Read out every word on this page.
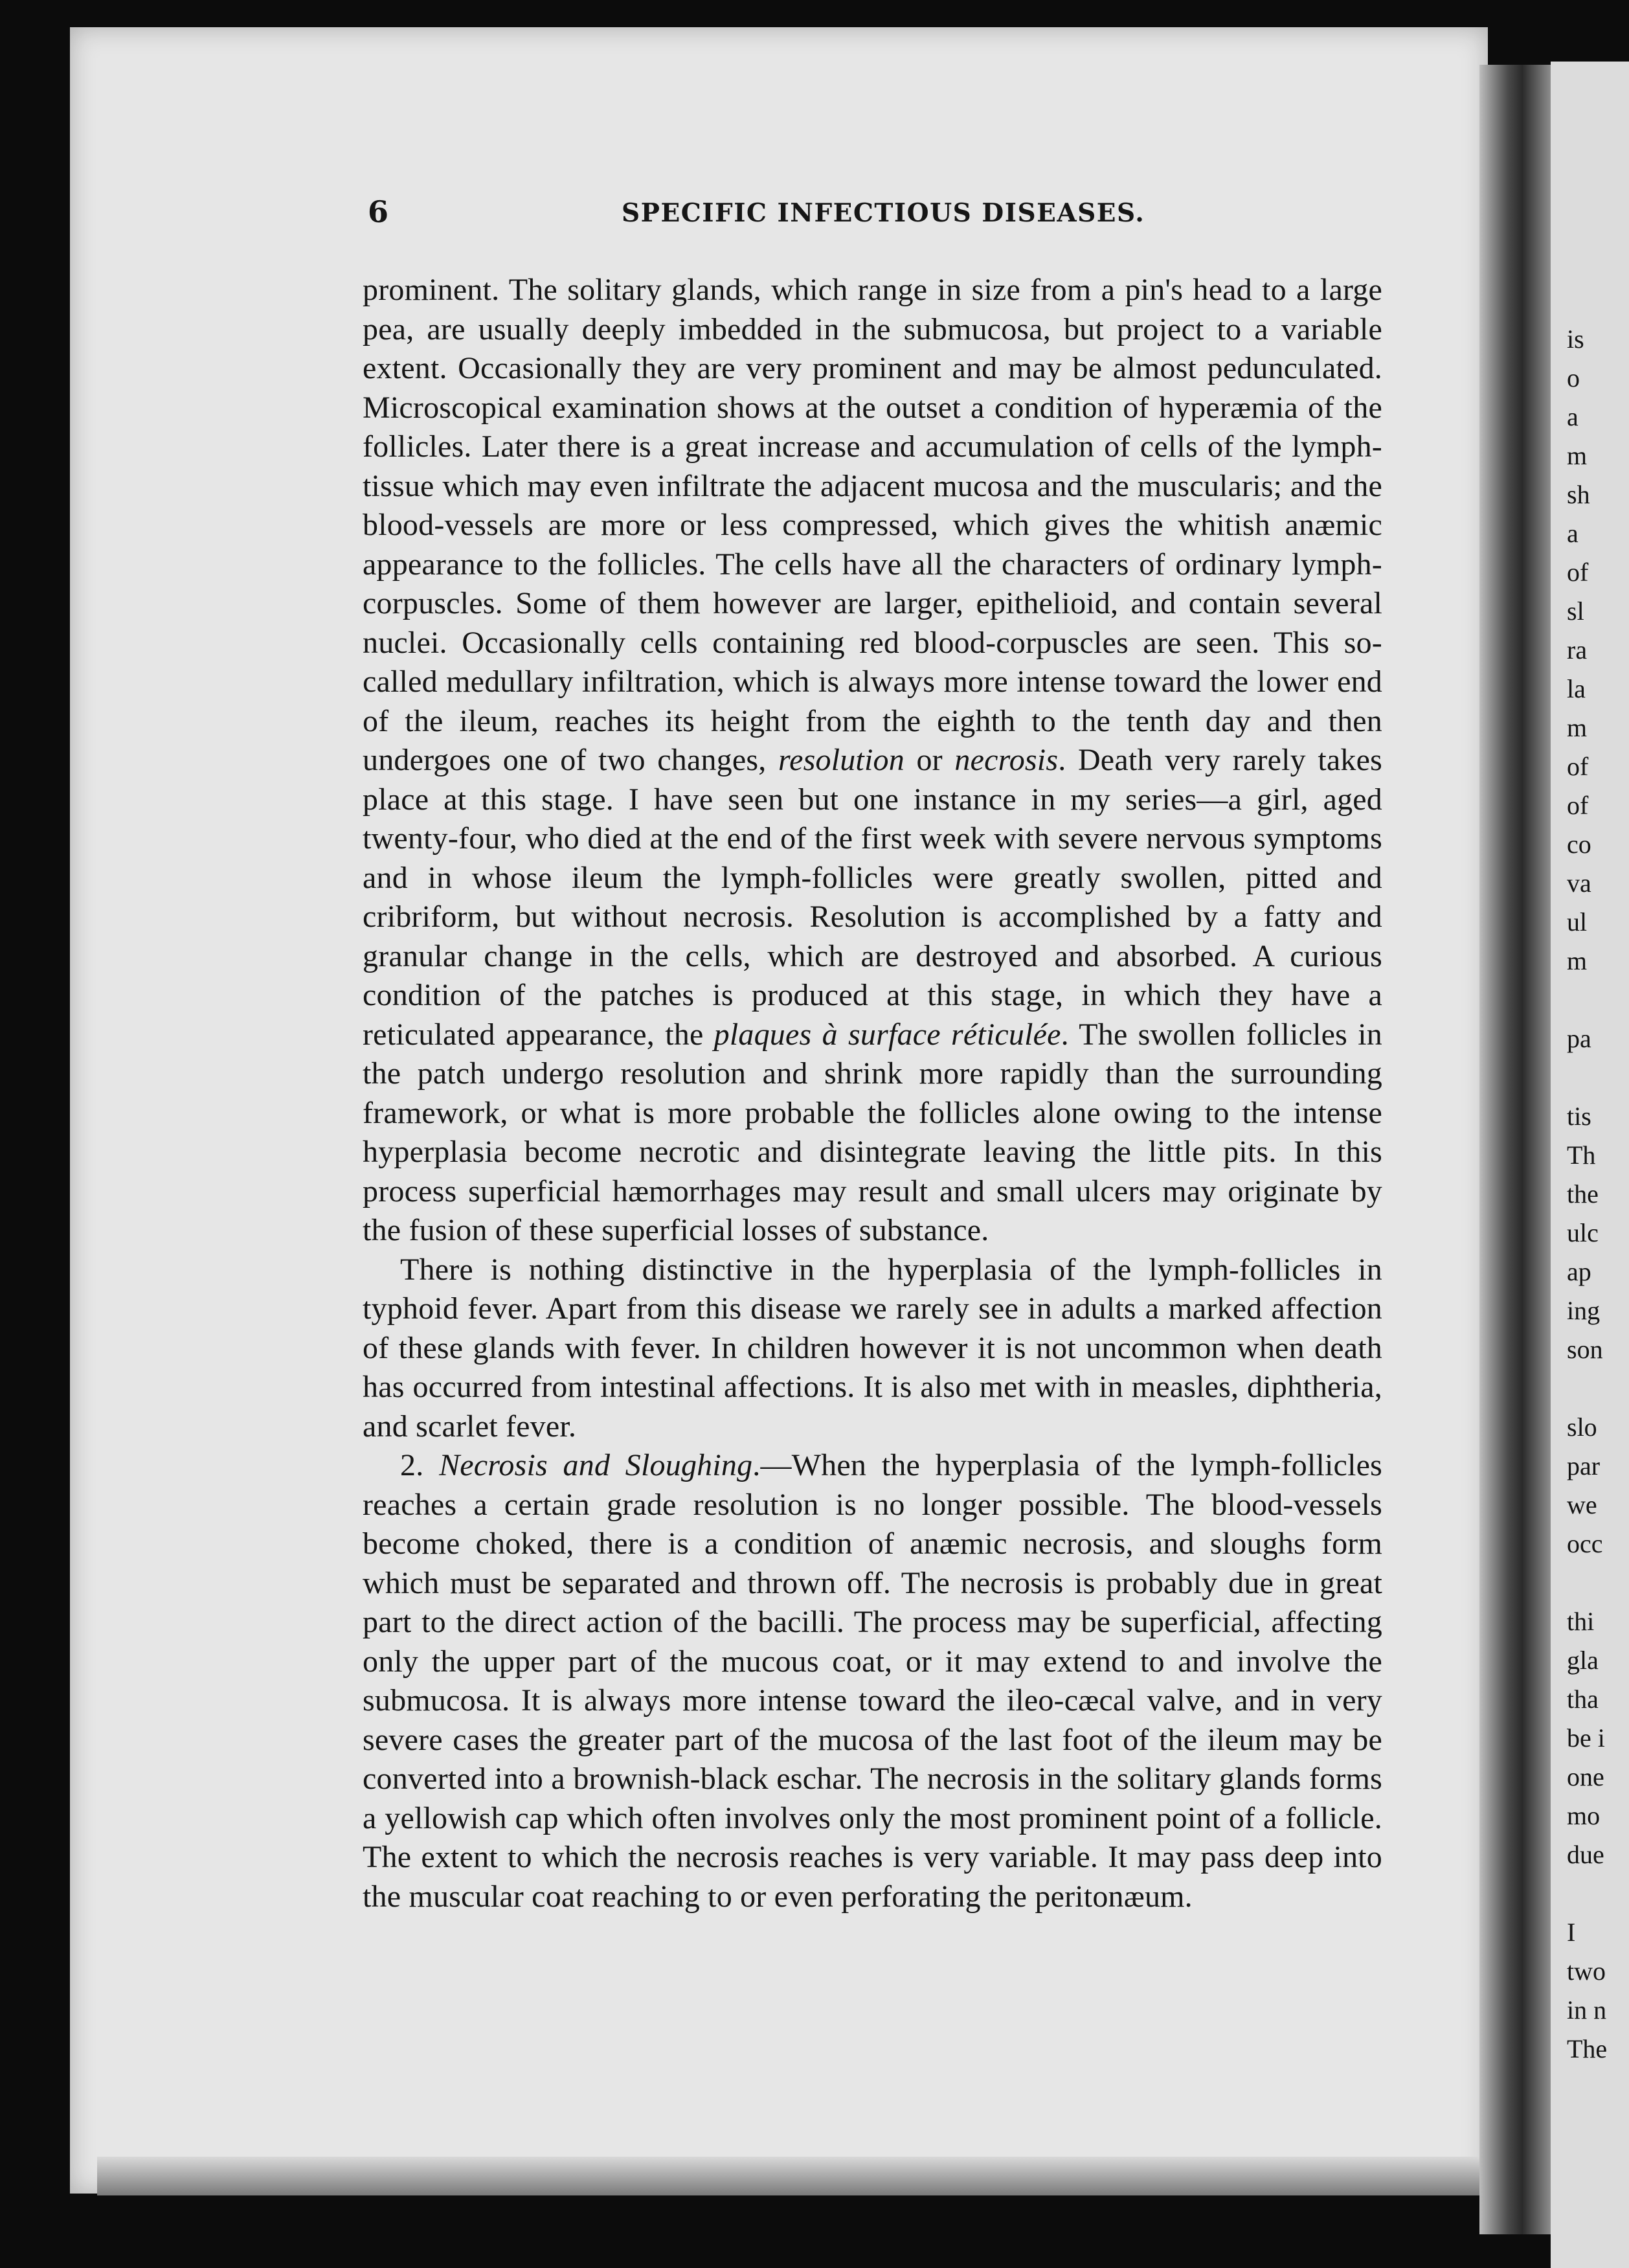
6	SPECIFIC INFECTIOUS DISEASES.

prominent. The solitary glands, which range in size from a pin's head to a large pea, are usually deeply imbedded in the submucosa, but project to a variable extent. Occasionally they are very prominent and may be almost pedunculated. Microscopical examination shows at the outset a condition of hyperæmia of the follicles. Later there is a great increase and accumulation of cells of the lymph-tissue which may even infiltrate the adjacent mucosa and the muscularis; and the blood-vessels are more or less compressed, which gives the whitish anæmic appearance to the follicles. The cells have all the characters of ordinary lymph-corpuscles. Some of them however are larger, epithelioid, and contain several nuclei. Occasionally cells containing red blood-corpuscles are seen. This so-called medullary infiltration, which is always more intense toward the lower end of the ileum, reaches its height from the eighth to the tenth day and then undergoes one of two changes, resolution or necrosis. Death very rarely takes place at this stage. I have seen but one instance in my series—a girl, aged twenty-four, who died at the end of the first week with severe nervous symptoms and in whose ileum the lymph-follicles were greatly swollen, pitted and cribriform, but without necrosis. Resolution is accomplished by a fatty and granular change in the cells, which are destroyed and absorbed. A curious condition of the patches is produced at this stage, in which they have a reticulated appearance, the plaques à surface réticulée. The swollen follicles in the patch undergo resolution and shrink more rapidly than the surrounding framework, or what is more probable the follicles alone owing to the intense hyperplasia become necrotic and disintegrate leaving the little pits. In this process superficial hæmorrhages may result and small ulcers may originate by the fusion of these superficial losses of substance.

There is nothing distinctive in the hyperplasia of the lymph-follicles in typhoid fever. Apart from this disease we rarely see in adults a marked affection of these glands with fever. In children however it is not uncommon when death has occurred from intestinal affections. It is also met with in measles, diphtheria, and scarlet fever.

2. Necrosis and Sloughing.—When the hyperplasia of the lymph-follicles reaches a certain grade resolution is no longer possible. The blood-vessels become choked, there is a condition of anæmic necrosis, and sloughs form which must be separated and thrown off. The necrosis is probably due in great part to the direct action of the bacilli. The process may be superficial, affecting only the upper part of the mucous coat, or it may extend to and involve the submucosa. It is always more intense toward the ileo-cæcal valve, and in very severe cases the greater part of the mucosa of the last foot of the ileum may be converted into a brownish-black eschar. The necrosis in the solitary glands forms a yellowish cap which often involves only the most prominent point of a follicle. The extent to which the necrosis reaches is very variable. It may pass deep into the muscular coat reaching to or even perforating the peritonæum.

is
o
a
m
sh
a
of
sl
ra
la
m
of
of
co
va
ul
m
pa
tis
Th
the
ulc
ap
ing
son
slo
par
we
occ
thi
gla
tha
be i
one
mo
due
I
two
in n
The
